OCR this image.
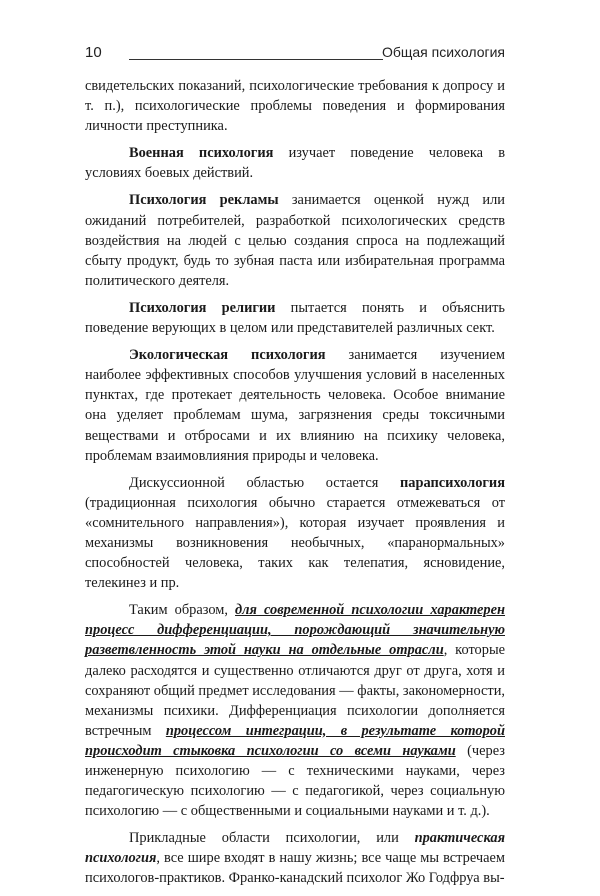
10	Общая психология

свидетельских показаний, психологические требования к допросу и т. п.), психологические проблемы поведения и формирования личности преступника.

Военная психология изучает поведение человека в условиях боевых действий.

Психология рекламы занимается оценкой нужд или ожиданий потребителей, разработкой психологических средств воздействия на людей с целью создания спроса на подлежащий сбыту продукт, будь то зубная паста или избирательная программа политического деятеля.

Психология религии пытается понять и объяснить поведение верующих в целом или представителей различных сект.

Экологическая психология занимается изучением наиболее эффективных способов улучшения условий в населенных пунктах, где протекает деятельность человека. Особое внимание она уделяет проблемам шума, загрязнения среды токсичными веществами и отбросами и их влиянию на психику человека, проблемам взаимовлияния природы и человека.

Дискуссионной областью остается парапсихология (традиционная психология обычно старается отмежеваться от «сомнительного направления»), которая изучает проявления и механизмы возникновения необычных, «паранормальных» способностей человека, таких как телепатия, ясновидение, телекинез и пр.

Таким образом, для современной психологии характерен процесс дифференциации, порождающий значительную разветвленность этой науки на отдельные отрасли, которые далеко расходятся и существенно отличаются друг от друга, хотя и сохраняют общий предмет исследования — факты, закономерности, механизмы психики. Дифференциация психологии дополняется встречным процессом интеграции, в результате которой происходит стыковка психологии со всеми науками (через инженерную психологию — с техническими науками, через педагогическую психологию — с педагогикой, через социальную психологию — с общественными и социальными науками и т. д.).

Прикладные области психологии, или практическая психология, все шире входят в нашу жизнь; все чаще мы встречаем психологов-практиков. Франко-канадский психолог Жо Годфруа вы-
